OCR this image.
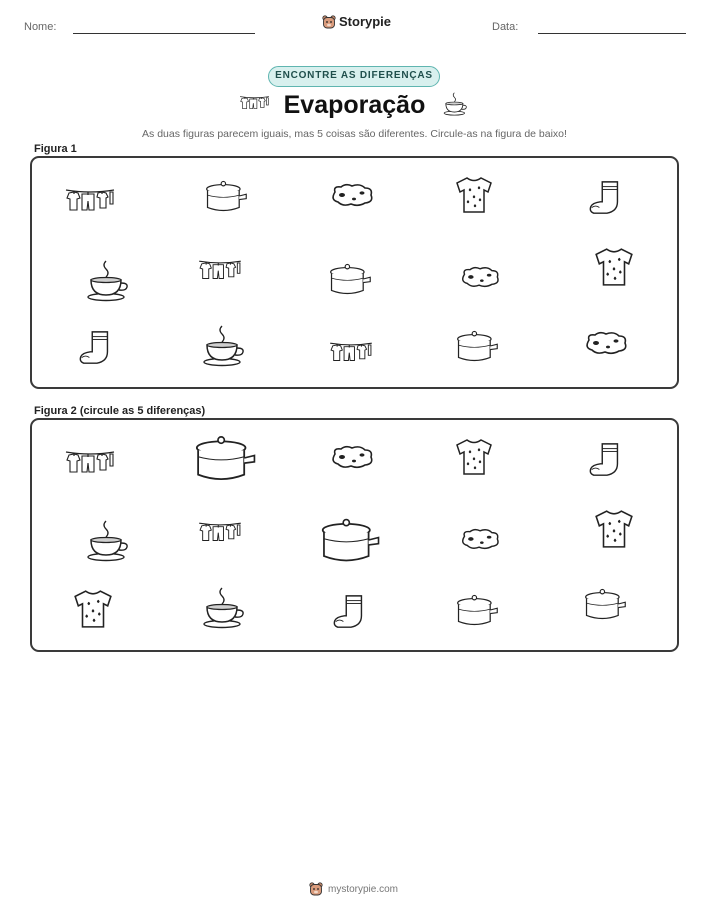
Nome:	Storypie	Data:
ENCONTRE AS DIFERENÇAS
Evaporação
As duas figuras parecem iguais, mas 5 coisas são diferentes. Circule-as na figura de baixo!
Figura 1
Figura 2 (circule as 5 diferenças)
mystorypie.com
